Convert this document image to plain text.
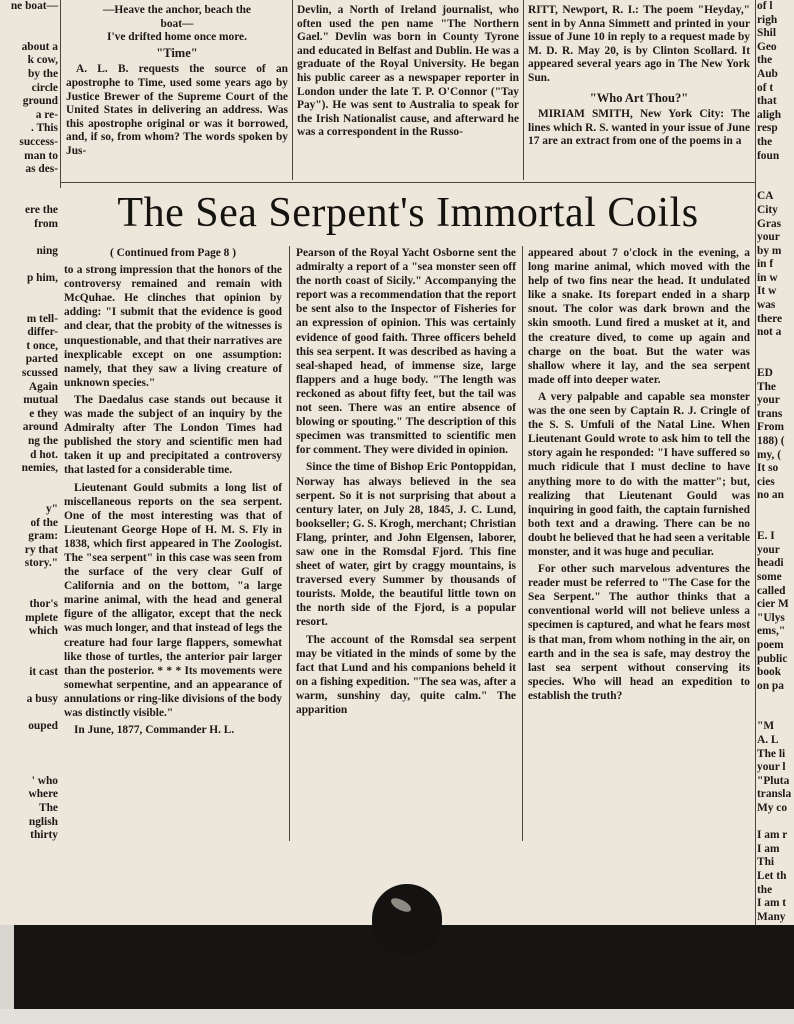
ne boat—

about a
k cow,
by the
circle
ground
a re-
. This
success-
man to
as des-

ere the
from

ning

p him,

m tell-
differ-
t once,
parted
scussed
Again
mutual
e they
around
ng the
d hot.
nemies,

y"
of the
gram:
ry that
story."

thor's
mplete
which

it cast

a busy

ouped

' who
where
The
nglish
thirty
of l
righ
Shil
Geo
the
Aub
of t
that
aligh
resp
the
foun

CA
City
Gras
your
by m
in f
in w
It w
was
there
not a

ED
The
your
trans
From
188) (
my, (
It so
cies
no an

E. I
your
headi
some
called
cier M
"Ulys
ems,"
poem
public
book
on pa

"M
A. L
The li
your l
"Pluta
transla
My co

I am r
I am
Thi
Let th
the
I am t
Many
—Heave the anchor, beach the
boat—
I've drifted home once more.
"Time"

A. L. B. requests the source of an apostrophe to Time, used some years ago by Justice Brewer of the Supreme Court of the United States in delivering an address. Was this apostrophe original or was it borrowed, and, if so, from whom? The words spoken by Jus-

Devlin, a North of Ireland journalist, who often used the pen name "The Northern Gael." Devlin was born in County Tyrone and educated in Belfast and Dublin. He was a graduate of the Royal University. He began his public career as a newspaper reporter in London under the late T. P. O'Connor ("Tay Pay"). He was sent to Australia to speak for the Irish Nationalist cause, and afterward he was a correspondent in the Russo-

RITT, Newport, R. I.: The poem "Heyday," sent in by Anna Simmett and printed in your issue of June 10 in reply to a request made by M. D. R. May 20, is by Clinton Scollard. It appeared several years ago in The New York Sun.

"Who Art Thou?"

MIRIAM SMITH, New York City: The lines which R. S. wanted in your issue of June 17 are an extract from one of the poems in a

The Sea Serpent's Immortal Coils
( Continued from Page 8 )

to a strong impression that the honors of the controversy remained and remain with McQuhae. He clinches that opinion by adding: "I submit that the evidence is good and clear, that the probity of the witnesses is unquestionable, and that their narratives are inexplicable except on one assumption: namely, that they saw a living creature of unknown species."

The Daedalus case stands out because it was made the subject of an inquiry by the Admiralty after The London Times had published the story and scientific men had taken it up and precipitated a controversy that lasted for a considerable time.

Lieutenant Gould submits a long list of miscellaneous reports on the sea serpent. One of the most interesting was that of Lieutenant George Hope of H. M. S. Fly in 1838, which first appeared in The Zoologist. The "sea serpent" in this case was seen from the surface of the very clear Gulf of California and on the bottom, "a large marine animal, with the head and general figure of the alligator, except that the neck was much longer, and that instead of legs the creature had four large flappers, somewhat like those of turtles, the anterior pair larger than the posterior. * * * Its movements were somewhat serpentine, and an appearance of annulations or ring-like divisions of the body was distinctly visible."

In June, 1877, Commander H. L.

Pearson of the Royal Yacht Osborne sent the admiralty a report of a "sea monster seen off the north coast of Sicily." Accompanying the report was a recommendation that the report be sent also to the Inspector of Fisheries for an expression of opinion. This was certainly evidence of good faith. Three officers beheld this sea serpent. It was described as having a seal-shaped head, of immense size, large flappers and a huge body. "The length was reckoned as about fifty feet, but the tail was not seen. There was an entire absence of blowing or spouting." The description of this specimen was transmitted to scientific men for comment. They were divided in opinion.

Since the time of Bishop Eric Pontoppidan, Norway has always believed in the sea serpent. So it is not surprising that about a century later, on July 28, 1845, J. C. Lund, bookseller; G. S. Krogh, merchant; Christian Flang, printer, and John Elgensen, laborer, saw one in the Romsdal Fjord. This fine sheet of water, girt by craggy mountains, is traversed every Summer by thousands of tourists. Molde, the beautiful little town on the north side of the Fjord, is a popular resort.

The account of the Romsdal sea serpent may be vitiated in the minds of some by the fact that Lund and his companions beheld it on a fishing expedition. "The sea was, after a warm, sunshiny day, quite calm." The apparition

appeared about 7 o'clock in the evening, a long marine animal, which moved with the help of two fins near the head. It undulated like a snake. Its forepart ended in a sharp snout. The color was dark brown and the skin smooth. Lund fired a musket at it, and the creature dived, to come up again and charge on the boat. But the water was shallow where it lay, and the sea serpent made off into deeper water.

A very palpable and capable sea monster was the one seen by Captain R. J. Cringle of the S. S. Umfuli of the Natal Line. When Lieutenant Gould wrote to ask him to tell the story again he responded: "I have suffered so much ridicule that I must decline to have anything more to do with the matter"; but, realizing that Lieutenant Gould was inquiring in good faith, the captain furnished both text and a drawing. There can be no doubt he believed that he had seen a veritable monster, and it was huge and peculiar.

For other such marvelous adventures the reader must be referred to "The Case for the Sea Serpent." The author thinks that a conventional world will not believe unless a specimen is captured, and what he fears most is that man, from whom nothing in the air, on earth and in the sea is safe, may destroy the last sea serpent without conserving its species. Who will head an expedition to establish the truth?
